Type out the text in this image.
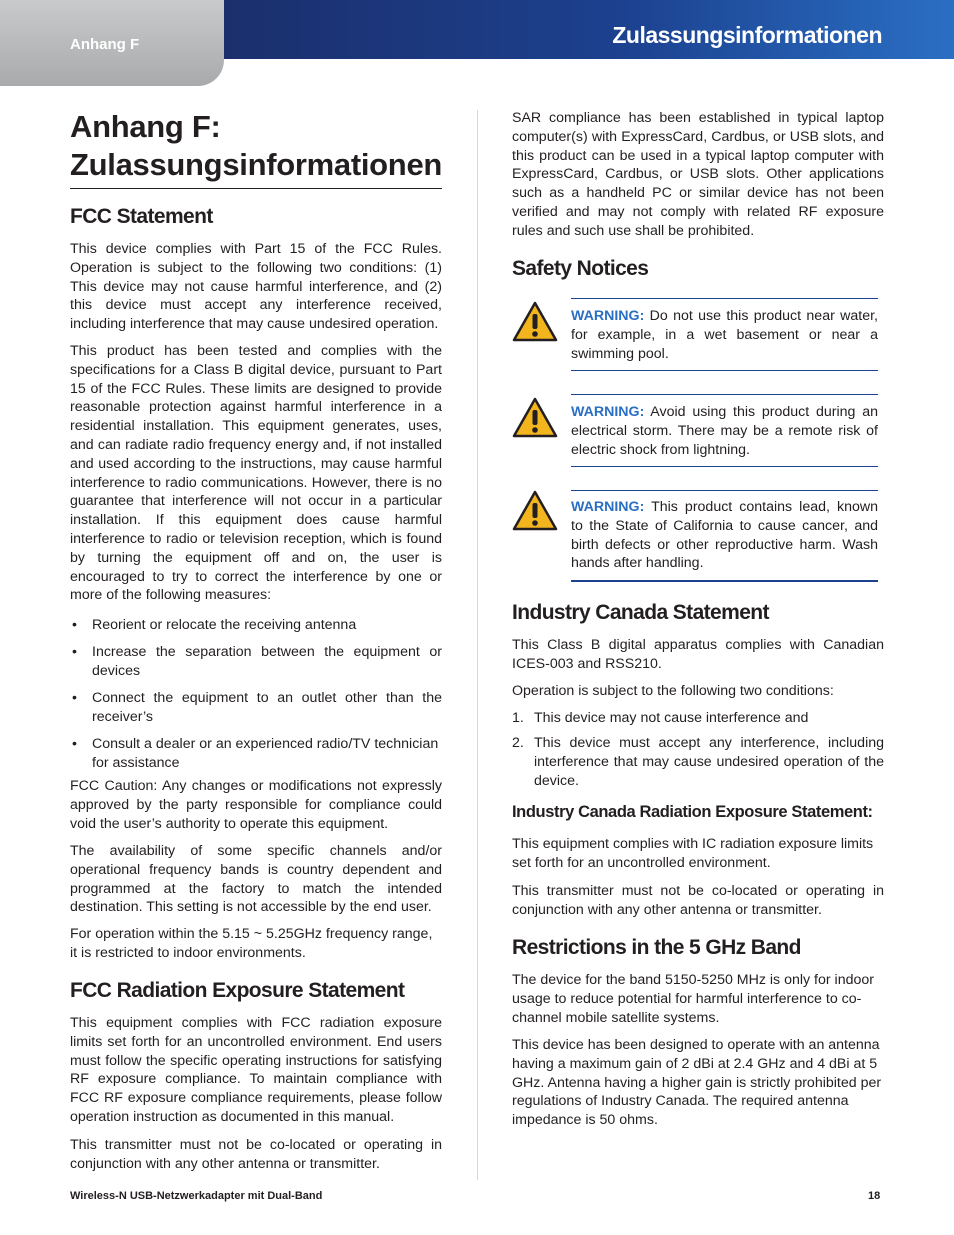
Anhang F	Zulassungsinformationen
Anhang F: Zulassungsinformationen
FCC Statement

This device complies with Part 15 of the FCC Rules. Operation is subject to the following two conditions: (1) This device may not cause harmful interference, and (2) this device must accept any interference received, including interference that may cause undesired operation.

This product has been tested and complies with the specifications for a Class B digital device, pursuant to Part 15 of the FCC Rules. These limits are designed to provide reasonable protection against harmful interference in a residential installation. This equipment generates, uses, and can radiate radio frequency energy and, if not installed and used according to the instructions, may cause harmful interference to radio communications. However, there is no guarantee that interference will not occur in a particular installation. If this equipment does cause harmful interference to radio or television reception, which is found by turning the equipment off and on, the user is encouraged to try to correct the interference by one or more of the following measures:

• Reorient or relocate the receiving antenna

• Increase the separation between the equipment or devices

• Connect the equipment to an outlet other than the receiver’s

• Consult a dealer or an experienced radio/TV technician for assistance

FCC Caution: Any changes or modifications not expressly approved by the party responsible for compliance could void the user’s authority to operate this equipment.

The availability of some specific channels and/or operational frequency bands is country dependent and programmed at the factory to match the intended destination. This setting is not accessible by the end user.

For operation within the 5.15 ~ 5.25GHz frequency range, it is restricted to indoor environments.

FCC Radiation Exposure Statement

This equipment complies with FCC radiation exposure limits set forth for an uncontrolled environment. End users must follow the specific operating instructions for satisfying RF exposure compliance. To maintain compliance with FCC RF exposure compliance requirements, please follow operation instruction as documented in this manual.

This transmitter must not be co-located or operating in conjunction with any other antenna or transmitter.

SAR compliance has been established in typical laptop computer(s) with ExpressCard, Cardbus, or USB slots, and this product can be used in a typical laptop computer with ExpressCard, Cardbus, or USB slots. Other applications such as a handheld PC or similar device has not been verified and may not comply with related RF exposure rules and such use shall be prohibited.

Safety Notices

WARNING: Do not use this product near water, for example, in a wet basement or near a swimming pool.

WARNING: Avoid using this product during an electrical storm. There may be a remote risk of electric shock from lightning.

WARNING: This product contains lead, known to the State of California to cause cancer, and birth defects or other reproductive harm. Wash hands after handling.

Industry Canada Statement

This Class B digital apparatus complies with Canadian ICES-003 and RSS210.

Operation is subject to the following two conditions:

1. This device may not cause interference and

2. This device must accept any interference, including interference that may cause undesired operation of the device.

Industry Canada Radiation Exposure Statement:

This equipment complies with IC radiation exposure limits set forth for an uncontrolled environment.

This transmitter must not be co-located or operating in conjunction with any other antenna or transmitter.

Restrictions in the 5 GHz Band

The device for the band 5150-5250 MHz is only for indoor usage to reduce potential for harmful interference to co-channel mobile satellite systems.

This device has been designed to operate with an antenna having a maximum gain of 2 dBi at 2.4 GHz and 4 dBi at 5 GHz. Antenna having a higher gain is strictly prohibited per regulations of Industry Canada. The required antenna impedance is 50 ohms.

Wireless-N USB-Netzwerkadapter mit Dual-Band	18
